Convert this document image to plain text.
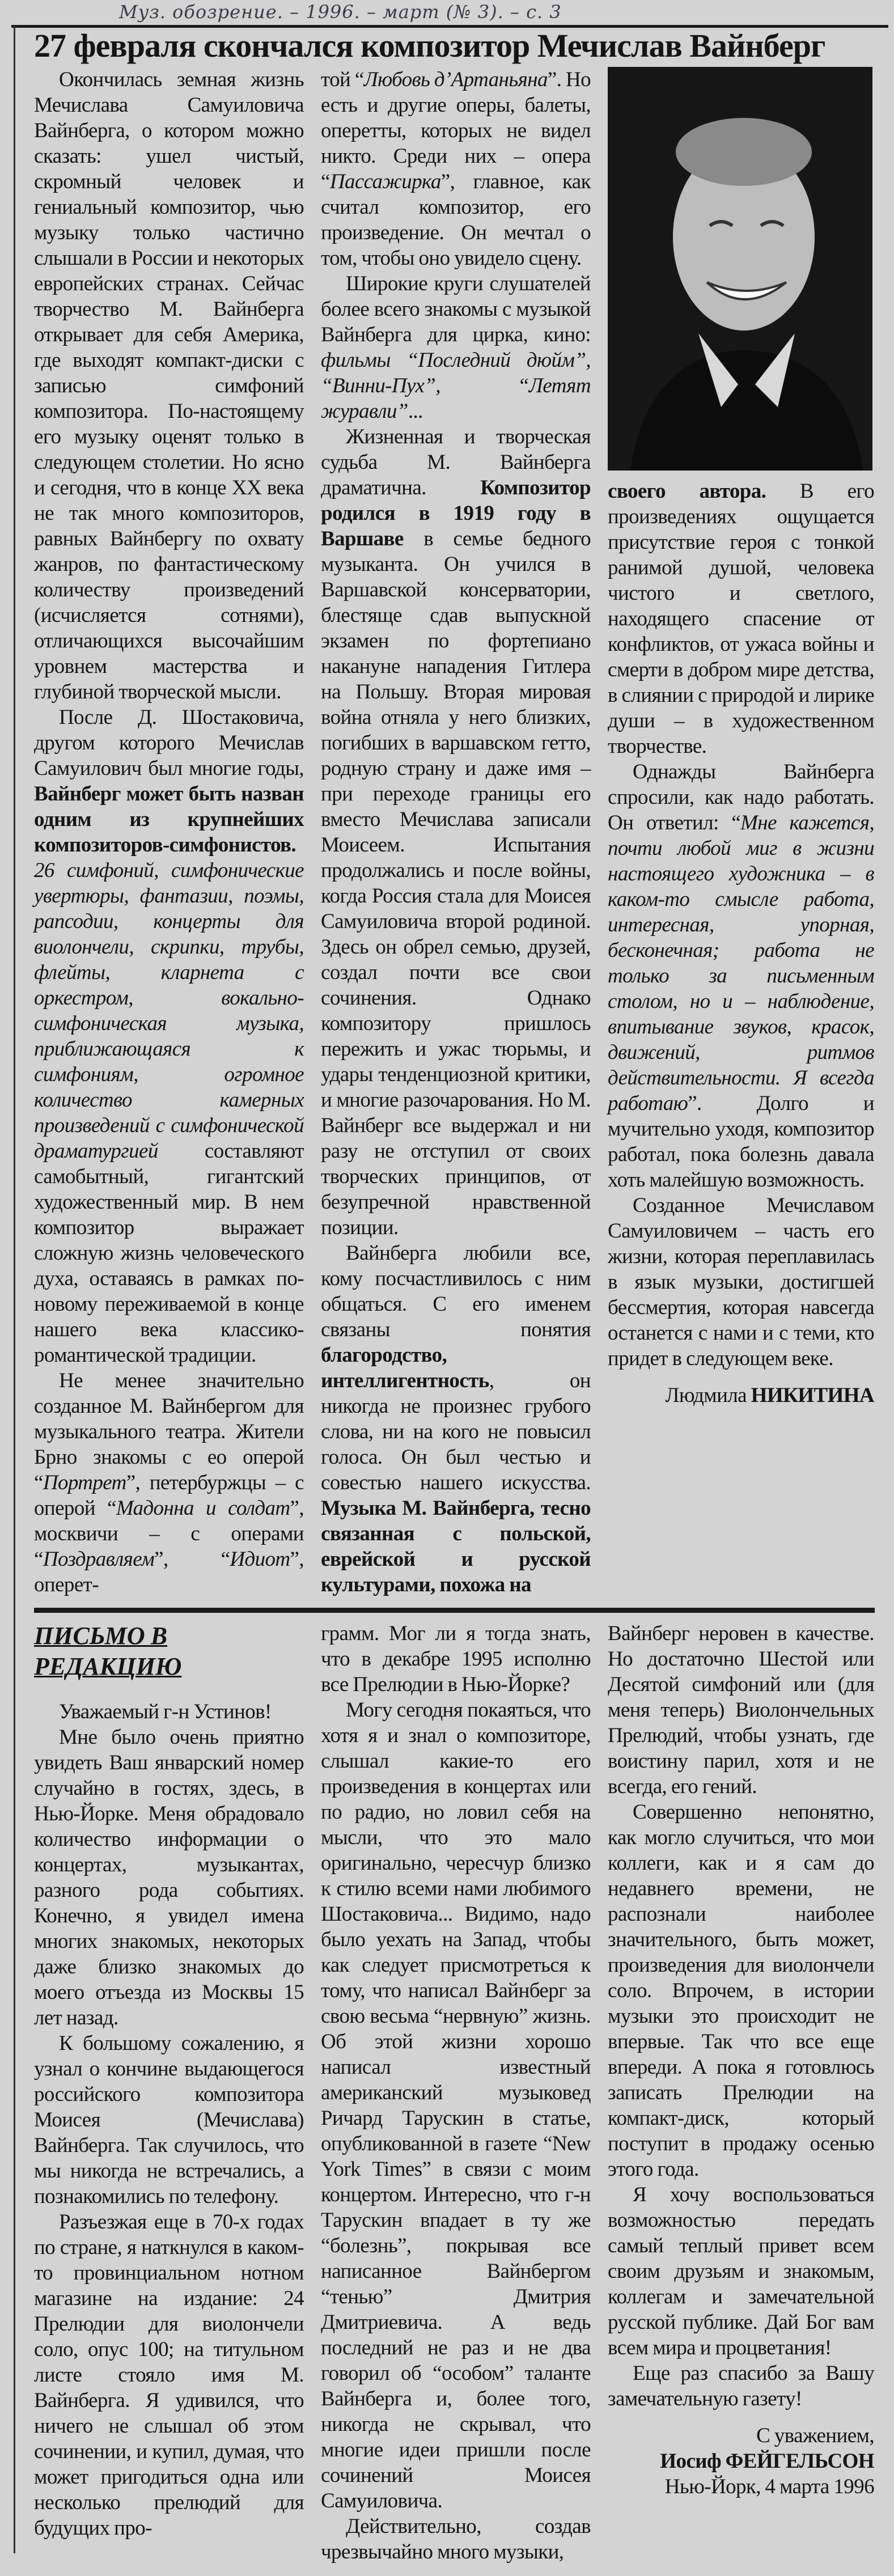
Муз. обозрение. – 1996. – март (№ 3). – с. 3
27 февраля скончался композитор Мечислав Вайнберг

Окончилась земная жизнь Мечислава Самуиловича Вайнберга, о котором можно сказать: ушел чистый, скромный человек и гениальный композитор, чью музыку только частично слышали в России и некоторых европейских странах. Сейчас творчество М. Вайнберга открывает для себя Америка, где выходят компакт-диски с записью симфоний композитора. По-настоящему его музыку оценят только в следующем столетии. Но ясно и сегодня, что в конце XX века не так много композиторов, равных Вайнбергу по охвату жанров, по фантастическому количеству произведений (исчисляется сотнями), отличающихся высочайшим уровнем мастерства и глубиной творческой мысли.

После Д. Шостаковича, другом которого Мечислав Самуилович был многие годы, Вайнберг может быть назван одним из крупнейших композиторов-симфонистов. 26 симфоний, симфонические увертюры, фантазии, поэмы, рапсодии, концерты для виолончели, скрипки, трубы, флейты, кларнета с оркестром, вокально-симфоническая музыка, приближающаяся к симфониям, огромное количество камерных произведений с симфонической драматургией составляют самобытный, гигантский художественный мир. В нем композитор выражает сложную жизнь человеческого духа, оставаясь в рамках по-новому переживаемой в конце нашего века классико-романтической традиции.

Не менее значительно созданное М. Вайнбергом для музыкального театра. Жители Брно знакомы с ео оперой “Портрет”, петербуржцы – с оперой “Мадонна и солдат”, москвичи – с операми “Поздравляем”, “Идиот”, оперет-

той “Любовь д’Артаньяна”. Но есть и другие оперы, балеты, оперетты, которых не видел никто. Среди них – опера “Пассажирка”, главное, как считал композитор, его произведение. Он мечтал о том, чтобы оно увидело сцену.

Широкие круги слушателей более всего знакомы с музыкой Вайнберга для цирка, кино: фильмы “Последний дюйм”, “Винни-Пух”, “Летят журавли”...

Жизненная и творческая судьба М. Вайнберга драматична. Композитор родился в 1919 году в Варшаве в семье бедного музыканта. Он учился в Варшавской консерватории, блестяще сдав выпускной экзамен по фортепиано накануне нападения Гитлера на Польшу. Вторая мировая война отняла у него близких, погибших в варшавском гетто, родную страну и даже имя – при переходе границы его вместо Мечислава записали Моисеем. Испытания продолжались и после войны, когда Россия стала для Моисея Самуиловича второй родиной. Здесь он обрел семью, друзей, создал почти все свои сочинения. Однако композитору пришлось пережить и ужас тюрьмы, и удары тенденциозной критики, и многие разочарования. Но М. Вайнберг все выдержал и ни разу не отступил от своих творческих принципов, от безупречной нравственной позиции.

Вайнберга любили все, кому посчастливилось с ним общаться. С его именем связаны понятия благородство, интеллигентность, он никогда не произнес грубого слова, ни на кого не повысил голоса. Он был честью и совестью нашего искусства. Музыка М. Вайнберга, тесно связанная с польской, еврейской и русской культурами, похожа на

своего автора. В его произведениях ощущается присутствие героя с тонкой ранимой душой, человека чистого и светлого, находящего спасение от конфликтов, от ужаса войны и смерти в добром мире детства, в слиянии с природой и лирике души – в художественном творчестве.

Однажды Вайнберга спросили, как надо работать. Он ответил: “Мне кажется, почти любой миг в жизни настоящего художника – в каком-то смысле работа, интересная, упорная, бесконечная; работа не только за письменным столом, но и – наблюдение, впитывание звуков, красок, движений, ритмов действительности. Я всегда работаю”. Долго и мучительно уходя, композитор работал, пока болезнь давала хоть малейшую возможность.

Созданное Мечиславом Самуиловичем – часть его жизни, которая переплавилась в язык музыки, достигшей бессмертия, которая навсегда останется с нами и с теми, кто придет в следующем веке.

Людмила НИКИТИНА
ПИСЬМО В РЕДАКЦИЮ

Уважаемый г-н Устинов!

Мне было очень приятно увидеть Ваш январский номер случайно в гостях, здесь, в Нью-Йорке. Меня обрадовало количество информации о концертах, музыкантах, разного рода событиях. Конечно, я увидел имена многих знакомых, некоторых даже близко знакомых до моего отъезда из Москвы 15 лет назад.

К большому сожалению, я узнал о кончине выдающегося российского композитора Моисея (Мечислава) Вайнберга. Так случилось, что мы никогда не встречались, а познакомились по телефону.

Разъезжая еще в 70-х годах по стране, я наткнулся в каком-то провинциальном нотном магазине на издание: 24 Прелюдии для виолончели соло, опус 100; на титульном листе стояло имя М. Вайнберга. Я удивился, что ничего не слышал об этом сочинении, и купил, думая, что может пригодиться одна или несколько прелюдий для будущих про-

грамм. Мог ли я тогда знать, что в декабре 1995 исполню все Прелюдии в Нью-Йорке?

Могу сегодня покаяться, что хотя я и знал о композиторе, слышал какие-то его произведения в концертах или по радио, но ловил себя на мысли, что это мало оригинально, чересчур близко к стилю всеми нами любимого Шостаковича... Видимо, надо было уехать на Запад, чтобы как следует присмотреться к тому, что написал Вайнберг за свою весьма “нервную” жизнь. Об этой жизни хорошо написал известный американский музыковед Ричард Тарускин в статье, опубликованной в газете “New York Times” в связи с моим концертом. Интересно, что г-н Тарускин впадает в ту же “болезнь”, покрывая все написанное Вайнбергом “тенью” Дмитрия Дмитриевича. А ведь последний не раз и не два говорил об “особом” таланте Вайнберга и, более того, никогда не скрывал, что многие идеи пришли после сочинений Моисея Самуиловича.

Действительно, создав чрезвычайно много музыки,

Вайнберг неровен в качестве. Но достаточно Шестой или Десятой симфоний или (для меня теперь) Виолончельных Прелюдий, чтобы узнать, где воистину парил, хотя и не всегда, его гений.

Совершенно непонятно, как могло случиться, что мои коллеги, как и я сам до недавнего времени, не распознали наиболее значительного, быть может, произведения для виолончели соло. Впрочем, в истории музыки это происходит не впервые. Так что все еще впереди. А пока я готовлюсь записать Прелюдии на компакт-диск, который поступит в продажу осенью этого года.

Я хочу воспользоваться возможностью передать самый теплый привет всем своим друзьям и знакомым, коллегам и замечательной русской публике. Дай Бог вам всем мира и процветания!

Еще раз спасибо за Вашу замечательную газету!

С уважением,
Иосиф ФЕЙГЕЛЬСОН
Нью-Йорк, 4 марта 1996
